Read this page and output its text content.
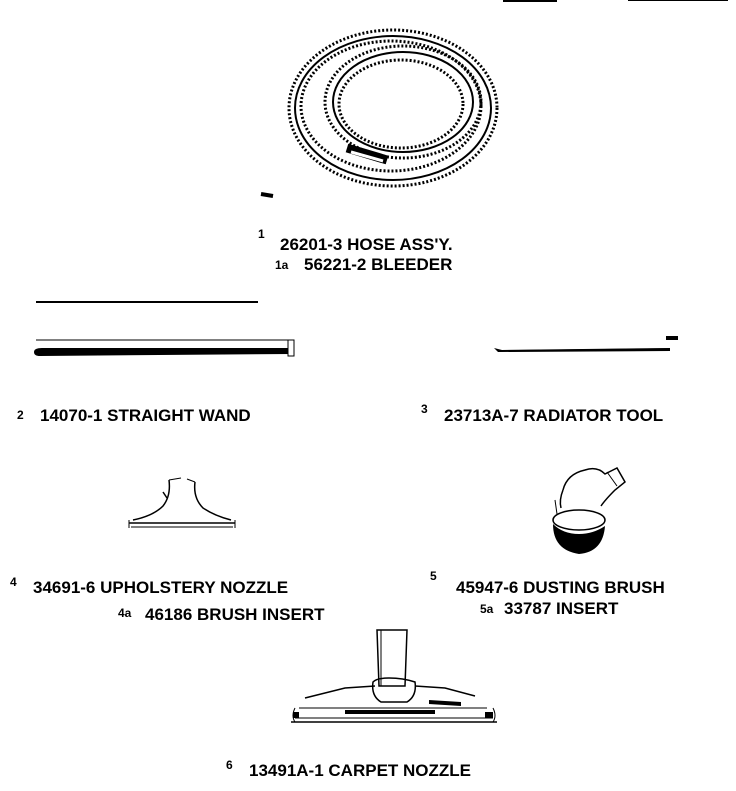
1
26201-3 HOSE ASS'Y.
1a 56221-2 BLEEDER
2 14070-1 STRAIGHT WAND	3 23713A-7 RADIATOR TOOL
4 34691-6 UPHOLSTERY NOZZLE
4a 46186 BRUSH INSERT
5
45947-6 DUSTING BRUSH
5a 33787 INSERT
6 13491A-1 CARPET NOZZLE
